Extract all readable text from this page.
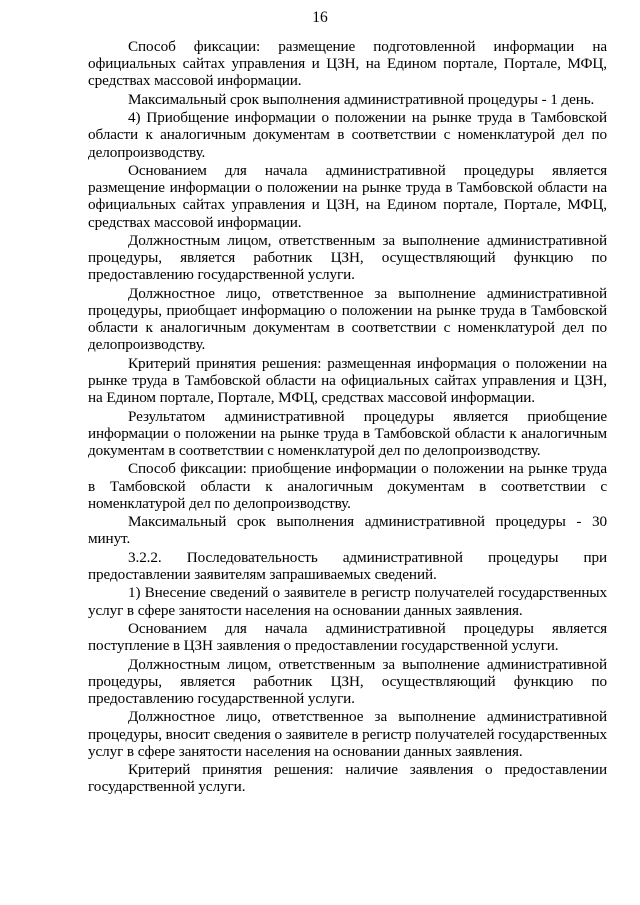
16

Способ фиксации: размещение подготовленной информации на официальных сайтах управления и ЦЗН, на Едином портале, Портале, МФЦ, средствах массовой информации.

Максимальный срок выполнения административной процедуры - 1 день.

4) Приобщение информации о положении на рынке труда в Тамбовской области к аналогичным документам в соответствии с номенклатурой дел по делопроизводству.

Основанием для начала административной процедуры является размещение информации о положении на рынке труда в Тамбовской области на официальных сайтах управления и ЦЗН, на Едином портале, Портале, МФЦ, средствах массовой информации.

Должностным лицом, ответственным за выполнение административной процедуры, является работник ЦЗН, осуществляющий функцию по предоставлению государственной услуги.

Должностное лицо, ответственное за выполнение административной процедуры, приобщает информацию о положении на рынке труда в Тамбовской области к аналогичным документам в соответствии с номенклатурой дел по делопроизводству.

Критерий принятия решения: размещенная информация о положении на рынке труда в Тамбовской области на официальных сайтах управления и ЦЗН, на Едином портале, Портале, МФЦ, средствах массовой информации.

Результатом административной процедуры является приобщение информации о положении на рынке труда в Тамбовской области к аналогичным документам в соответствии с номенклатурой дел по делопроизводству.

Способ фиксации: приобщение информации о положении на рынке труда в Тамбовской области к аналогичным документам в соответствии с номенклатурой дел по делопроизводству.

Максимальный срок выполнения административной процедуры - 30 минут.

3.2.2. Последовательность административной процедуры при предоставлении заявителям запрашиваемых сведений.

1) Внесение сведений о заявителе в регистр получателей государственных услуг в сфере занятости населения на основании данных заявления.

Основанием для начала административной процедуры является поступление в ЦЗН заявления о предоставлении государственной услуги.

Должностным лицом, ответственным за выполнение административной процедуры, является работник ЦЗН, осуществляющий функцию по предоставлению государственной услуги.

Должностное лицо, ответственное за выполнение административной процедуры, вносит сведения о заявителе в регистр получателей государственных услуг в сфере занятости населения на основании данных заявления.

Критерий принятия решения: наличие заявления о предоставлении государственной услуги.
